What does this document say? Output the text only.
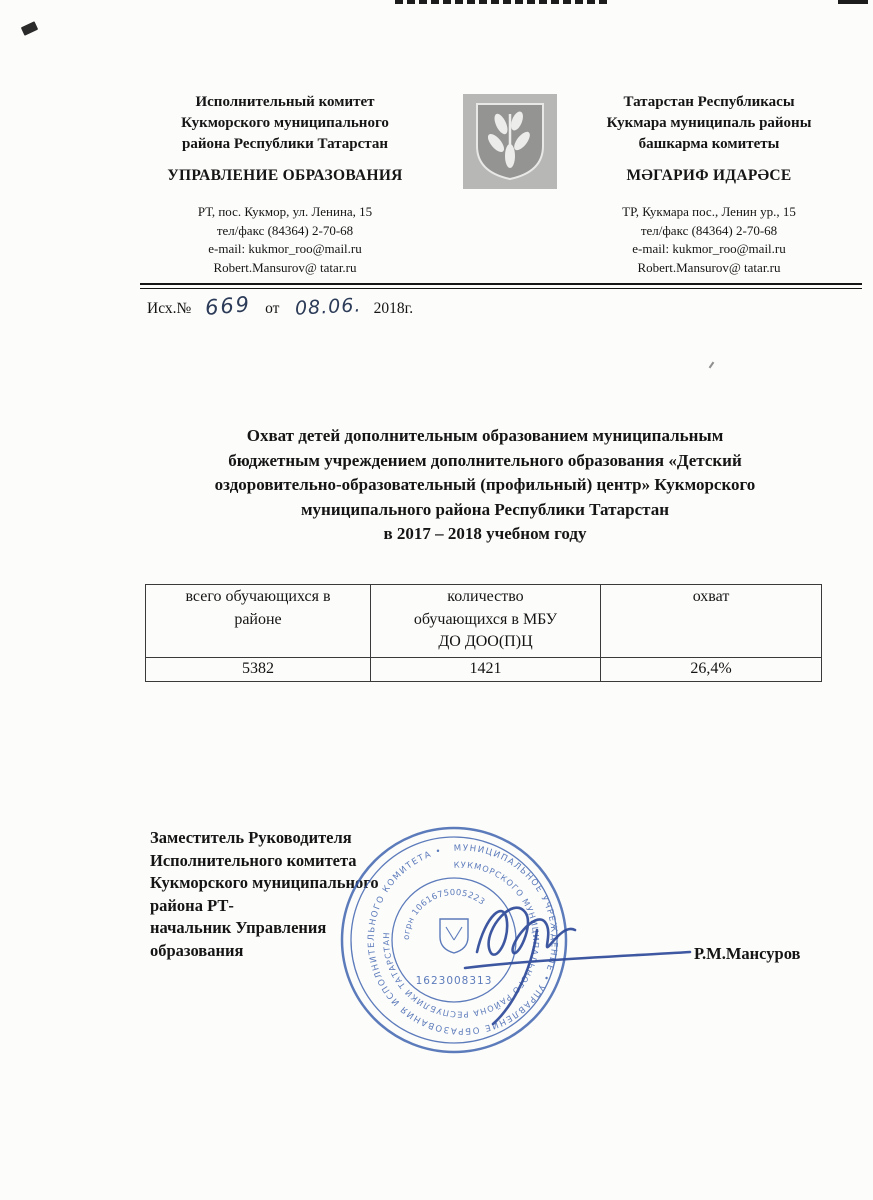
Исполнительный комитет
Кукморского муниципального
района Республики Татарстан
УПРАВЛЕНИЕ ОБРАЗОВАНИЯ
РТ, пос. Кукмор, ул. Ленина, 15
тел/факс (84364) 2-70-68
e-mail: kukmor_roo@mail.ru
Robert.Mansurov@ tatar.ru
Татарстан Республикасы
Кукмара муниципаль районы
башкарма комитеты
МӘГАРИФ ИДАРӘСЕ
ТР, Кукмара пос., Ленин ур., 15
тел/факс (84364) 2-70-68
e-mail: kukmor_roo@mail.ru
Robert.Mansurov@ tatar.ru
Исх.№ 669 от 08.06. 2018г.
Охват детей дополнительным образованием муниципальным
бюджетным учреждением дополнительного образования «Детский
оздоровительно-образовательный (профильный) центр» Кукморского
муниципального района Республики Татарстан
в 2017 – 2018 учебном году
всего обучающихся в
районе

количество
обучающихся в МБУ
ДО ДОО(П)Ц

охват

5382	1421	26,4%
Заместитель Руководителя
Исполнительного комитета
Кукморского муниципального
района РТ-
начальник Управления
образования
МУНИЦИПАЛЬНОЕ УЧРЕЖДЕНИЕ • УПРАВЛЕНИЕ ОБРАЗОВАНИЯ ИСПОЛНИТЕЛЬНОГО КОМИТЕТА •
КУКМОРСКОГО МУНИЦИПАЛЬНОГО РАЙОНА РЕСПУБЛИКИ ТАТАРСТАН	огрн 1061675005223
1623008313
Р.М.Мансуров
